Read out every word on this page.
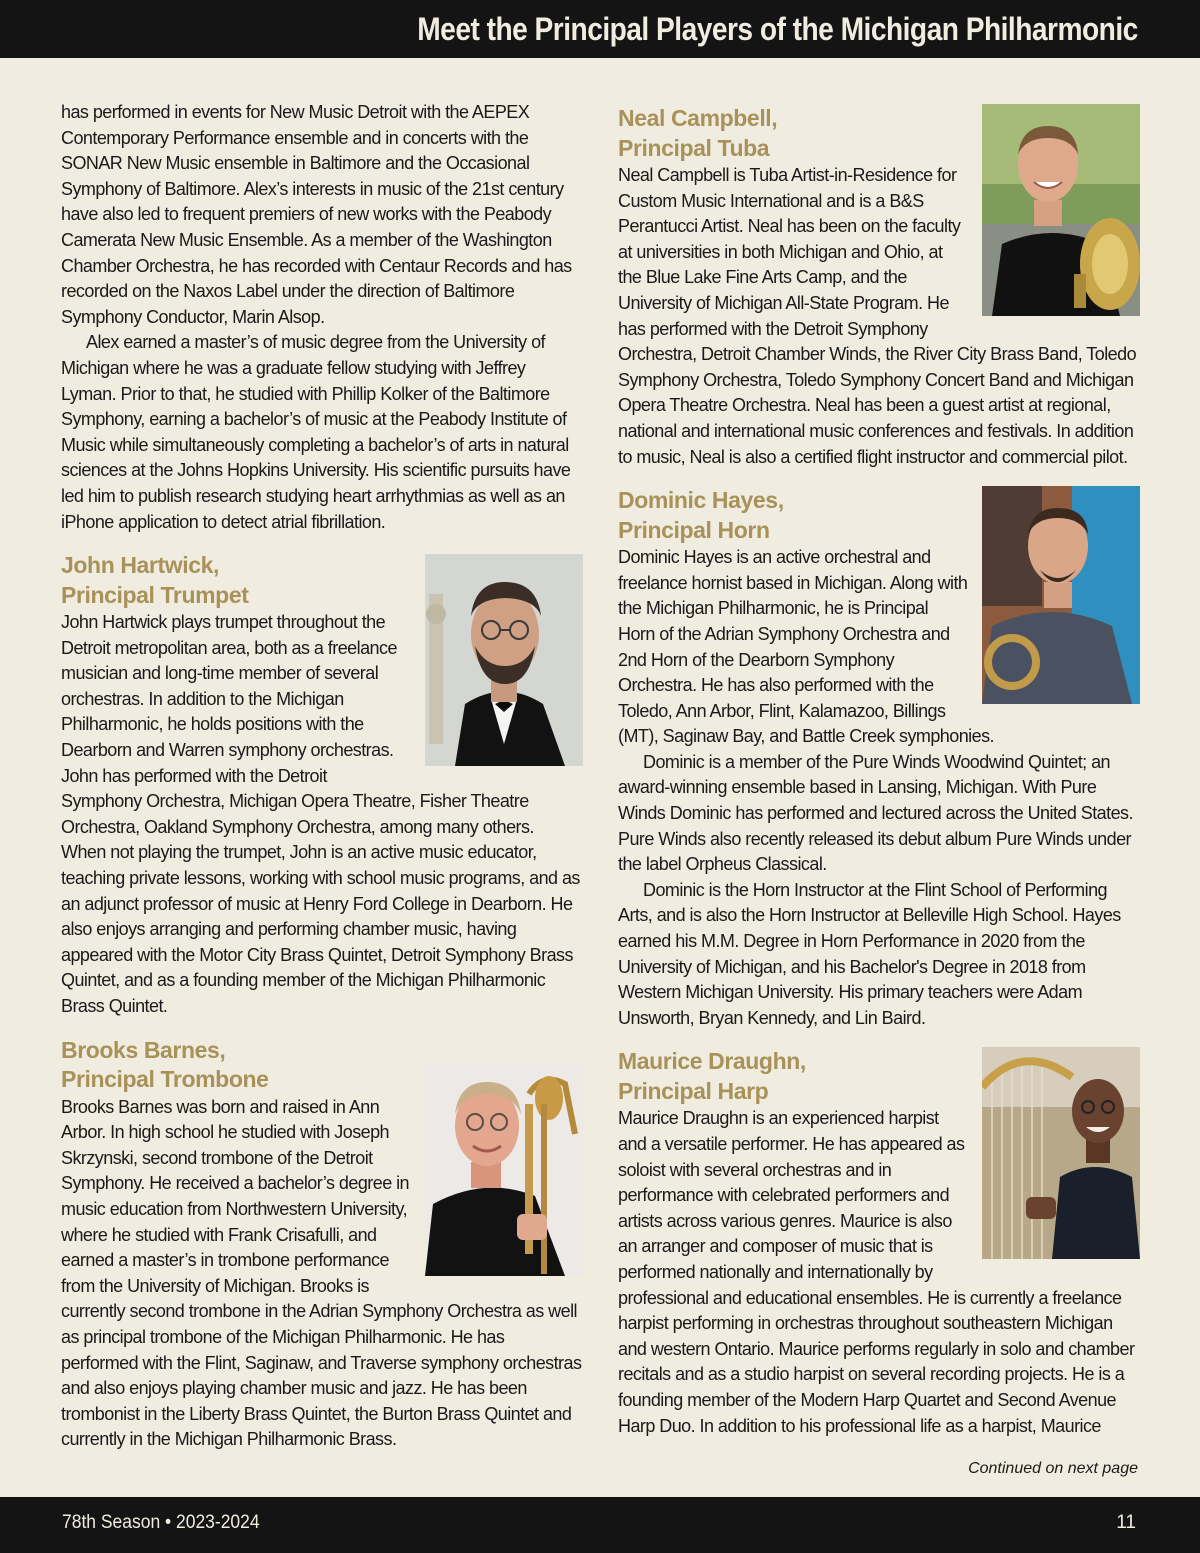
Meet the Principal Players of the Michigan Philharmonic

has performed in events for New Music Detroit with the AEPEX Contemporary Performance ensemble and in concerts with the SONAR New Music ensemble in Baltimore and the Occasional Symphony of Baltimore. Alex’s interests in music of the 21st century have also led to frequent premiers of new works with the Peabody Camerata New Music Ensemble. As a member of the Washington Chamber Orchestra, he has recorded with Centaur Records and has recorded on the Naxos Label under the direction of Baltimore Symphony Conductor, Marin Alsop.

Alex earned a master’s of music degree from the University of Michigan where he was a graduate fellow studying with Jeffrey Lyman. Prior to that, he studied with Phillip Kolker of the Baltimore Symphony, earning a bachelor’s of music at the Peabody Institute of Music while simultaneously completing a bachelor’s of arts in natural sciences at the Johns Hopkins University. His scientific pursuits have led him to publish research studying heart arrhythmias as well as an iPhone application to detect atrial fibrillation.

John Hartwick,
Principal Trumpet

John Hartwick plays trumpet throughout the Detroit metropolitan area, both as a freelance musician and long-time member of several orchestras. In addition to the Michigan Philharmonic, he holds positions with the Dearborn and Warren symphony orchestras. John has performed with the Detroit Symphony Orchestra, Michigan Opera Theatre, Fisher Theatre Orchestra, Oakland Symphony Orchestra, among many others. When not playing the trumpet, John is an active music educator, teaching private lessons, working with school music programs, and as an adjunct professor of music at Henry Ford College in Dearborn. He also enjoys arranging and performing chamber music, having appeared with the Motor City Brass Quintet, Detroit Symphony Brass Quintet, and as a founding member of the Michigan Philharmonic Brass Quintet.

Brooks Barnes,
Principal Trombone

Brooks Barnes was born and raised in Ann Arbor. In high school he studied with Joseph Skrzynski, second trombone of the Detroit Symphony. He received a bachelor’s degree in music education from Northwestern University, where he studied with Frank Crisafulli, and earned a master’s in trombone performance from the University of Michigan. Brooks is currently second trombone in the Adrian Symphony Orchestra as well as principal trombone of the Michigan Philharmonic. He has performed with the Flint, Saginaw, and Traverse symphony orchestras and also enjoys playing chamber music and jazz. He has been trombonist in the Liberty Brass Quintet, the Burton Brass Quintet and currently in the Michigan Philharmonic Brass.

Neal Campbell,
Principal Tuba

Neal Campbell is Tuba Artist-in-Residence for Custom Music International and is a B&S Perantucci Artist. Neal has been on the faculty at universities in both Michigan and Ohio, at the Blue Lake Fine Arts Camp, and the University of Michigan All-State Program. He has performed with the Detroit Symphony Orchestra, Detroit Chamber Winds, the River City Brass Band, Toledo Symphony Orchestra, Toledo Symphony Concert Band and Michigan Opera Theatre Orchestra. Neal has been a guest artist at regional, national and international music conferences and festivals. In addition to music, Neal is also a certified flight instructor and commercial pilot.

Dominic Hayes,
Principal Horn

Dominic Hayes is an active orchestral and freelance hornist based in Michigan. Along with the Michigan Philharmonic, he is Principal Horn of the Adrian Symphony Orchestra and 2nd Horn of the Dearborn Symphony Orchestra. He has also performed with the Toledo, Ann Arbor, Flint, Kalamazoo, Billings (MT), Saginaw Bay, and Battle Creek symphonies.

Dominic is a member of the Pure Winds Woodwind Quintet; an award-winning ensemble based in Lansing, Michigan. With Pure Winds Dominic has performed and lectured across the United States. Pure Winds also recently released its debut album Pure Winds under the label Orpheus Classical.

Dominic is the Horn Instructor at the Flint School of Performing Arts, and is also the Horn Instructor at Belleville High School. Hayes earned his M.M. Degree in Horn Performance in 2020 from the University of Michigan, and his Bachelor's Degree in 2018 from Western Michigan University. His primary teachers were Adam Unsworth, Bryan Kennedy, and Lin Baird.

Maurice Draughn,
Principal Harp

Maurice Draughn is an experienced harpist and a versatile performer. He has appeared as soloist with several orchestras and in performance with celebrated performers and artists across various genres. Maurice is also an arranger and composer of music that is performed nationally and internationally by professional and educational ensembles. He is currently a freelance harpist performing in orchestras throughout southeastern Michigan and western Ontario. Maurice performs regularly in solo and chamber recitals and as a studio harpist on several recording projects. He is a founding member of the Modern Harp Quartet and Second Avenue Harp Duo. In addition to his professional life as a harpist, Maurice

Continued on next page
78th Season • 2023-2024	11
